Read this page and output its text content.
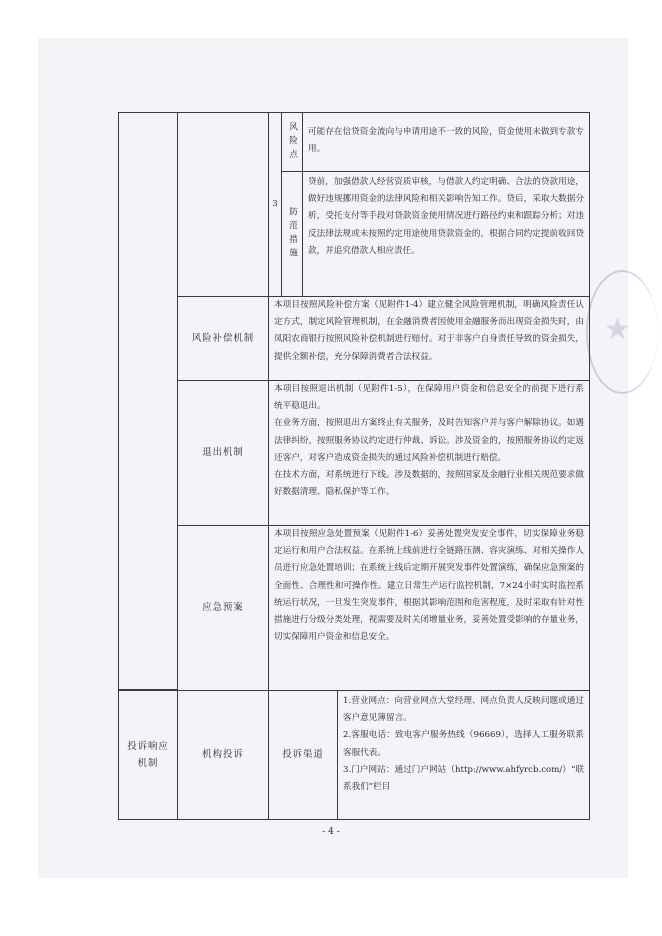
★
3
风险点	可能存在信贷资金流向与申请用途不一致的风险，资金使用未做到专款专用。

防范措施

贷前，加强借款人经营资质审核，与借款人约定明确、合法的贷款用途，做好违规挪用资金的法律风险和相关影响告知工作。贷后，采取大数据分析，受托支付等手段对贷款资金使用情况进行路径约束和跟踪分析；对违反法律法规或未按照约定用途使用贷款资金的，根据合同约定提前收回贷款，并追究借款人相应责任。

风险补偿机制

本项目按照风险补偿方案（见附件1-4）建立健全风险管理机制，明确风险责任认定方式，制定风险管理机制，在金融消费者因使用金融服务而出现资金损失时，由凤阳农商银行按照风险补偿机制进行赔付。对于非客户自身责任导致的资金损失，提供全额补偿，充分保障消费者合法权益。

退出机制

本项目按照退出机制（见附件1-5），在保障用户资金和信息安全的前提下进行系统平稳退出。

在业务方面，按照退出方案终止有关服务，及时告知客户并与客户解除协议。如遇法律纠纷，按照服务协议约定进行仲裁、诉讼。涉及资金的，按照服务协议约定返还客户，对客户造成资金损失的通过风险补偿机制进行赔偿。

在技术方面，对系统进行下线。涉及数据的，按照国家及金融行业相关规范要求做好数据清理、隐私保护等工作。

应急预案

本项目按照应急处置预案（见附件1-6）妥善处置突发安全事件，切实保障业务稳定运行和用户合法权益。在系统上线前进行全链路压测、容灾演练、对相关操作人员进行应急处置培训；在系统上线后定期开展突发事件处置演练，确保应急预案的全面性、合理性和可操作性。建立日常生产运行监控机制，7×24小时实时监控系统运行状况，一旦发生突发事件，根据其影响范围和危害程度，及时采取有针对性措施进行分级分类处理，视需要及时关闭增量业务，妥善处置受影响的存量业务，切实保障用户资金和信息安全。

投诉响应机制
机构投诉	投诉渠道

1.营业网点：向营业网点大堂经理、网点负责人反映问题或通过客户意见簿留言。

2.客服电话：致电客户服务热线（96669），选择人工服务联系客服代表。

3.门户网站：通过门户网站（http://www.ahfyrcb.com/）“联系我们”栏目

- 4 -
